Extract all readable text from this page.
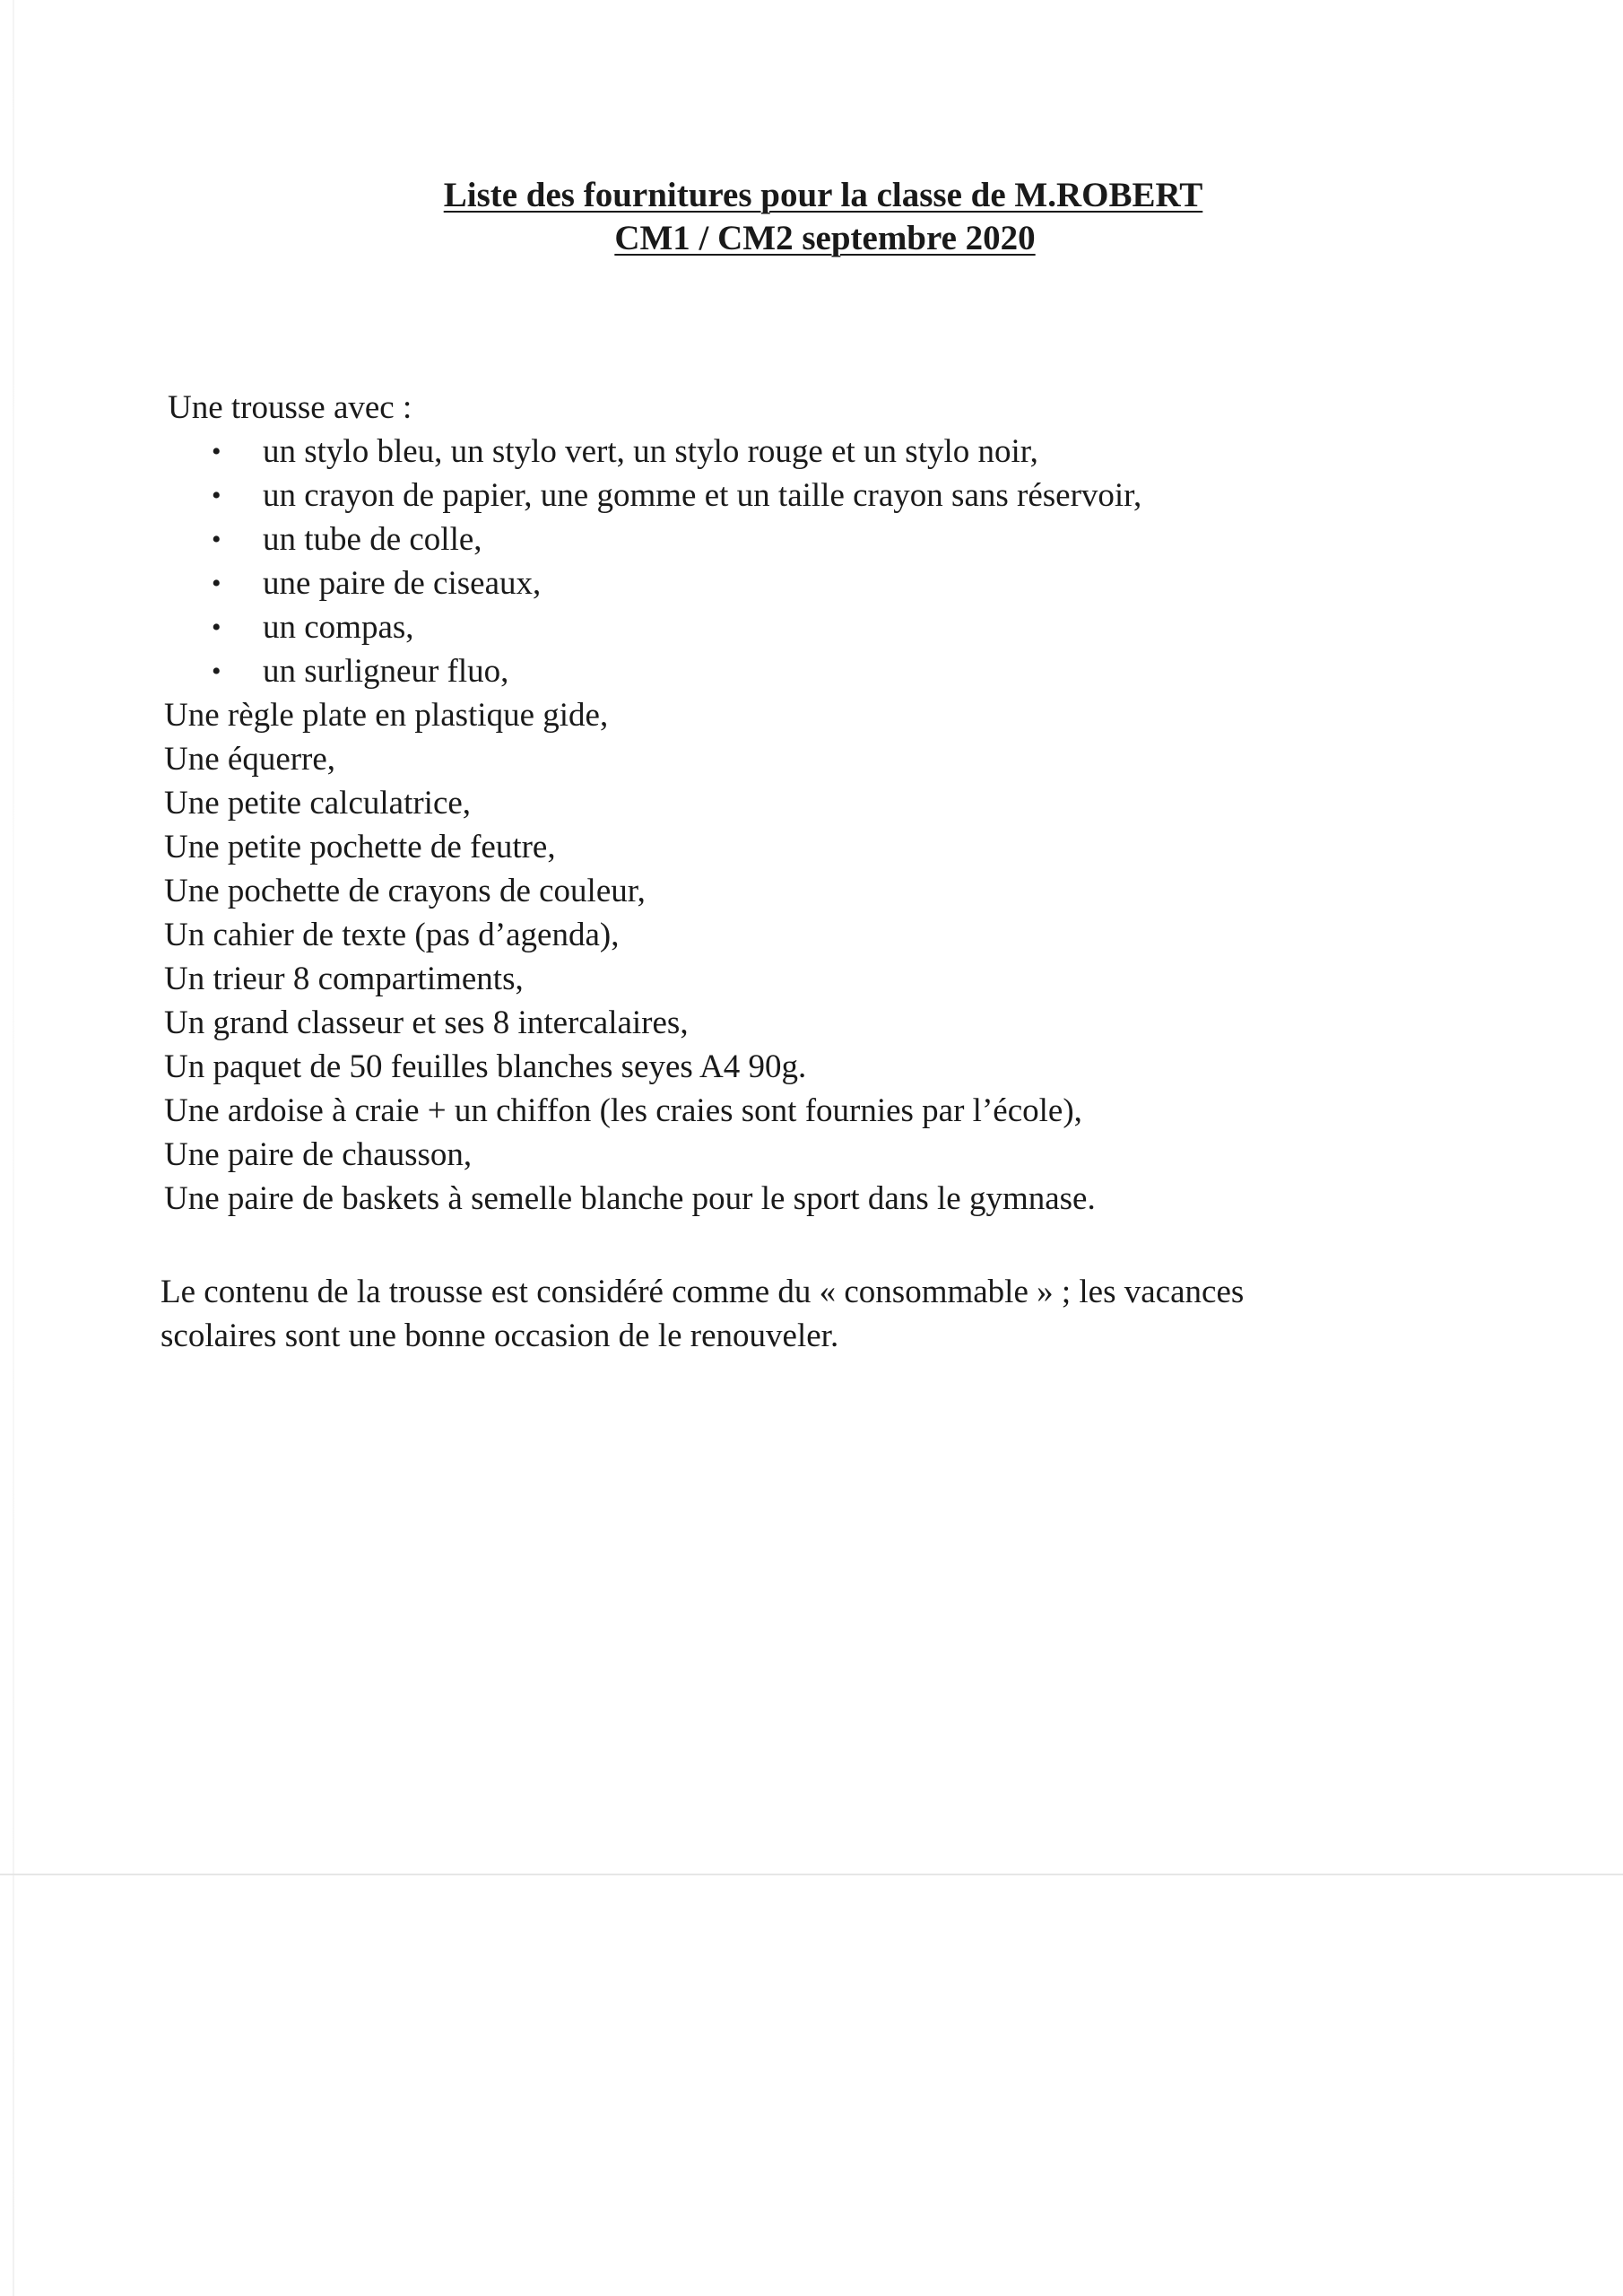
Liste des fournitures pour la classe de M.ROBERT
CM1 / CM2 septembre 2020

Une trousse avec :

• un stylo bleu, un stylo vert, un stylo rouge et un stylo noir,
• un crayon de papier, une gomme et un taille crayon sans réservoir,
• un tube de colle,
• une paire de ciseaux,
• un compas,
• un surligneur fluo,
Une règle plate en plastique gide,
Une équerre,
Une petite calculatrice,
Une petite pochette de feutre,
Une pochette de crayons de couleur,
Un cahier de texte (pas d’agenda),
Un trieur 8 compartiments,
Un grand classeur et ses 8 intercalaires,
Un paquet de 50 feuilles blanches seyes A4 90g.
Une ardoise à craie + un chiffon (les craies sont fournies par l’école),
Une paire de chausson,
Une paire de baskets à semelle blanche pour le sport dans le gymnase.

Le contenu de la trousse est considéré comme du « consommable » ; les vacances
scolaires sont une bonne occasion de le renouveler.
